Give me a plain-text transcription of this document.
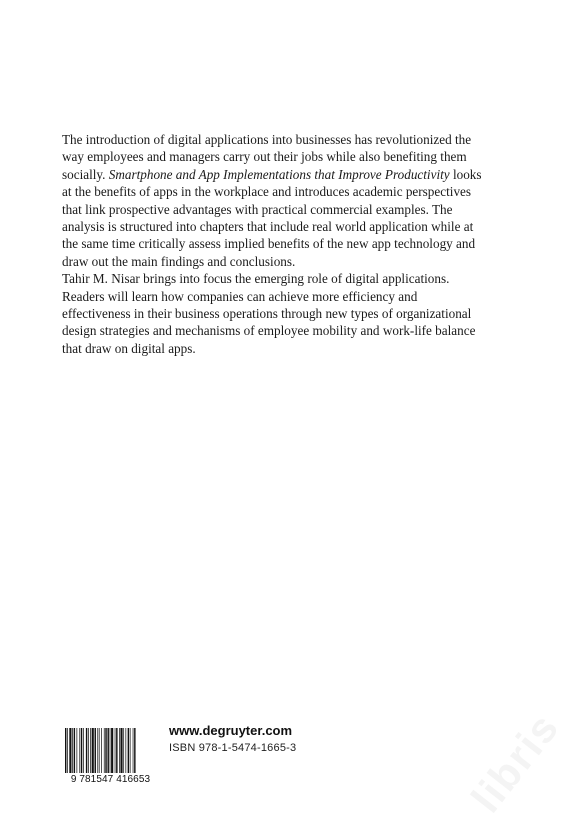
The introduction of digital applications into businesses has revolutionized the way employees and managers carry out their jobs while also benefiting them socially. Smartphone and App Implementations that Improve Productivity looks at the benefits of apps in the workplace and introduces academic perspectives that link prospective advantages with practical commercial examples. The analysis is structured into chapters that include real world application while at the same time critically assess implied benefits of the new app technology and draw out the main findings and conclusions.

Tahir M. Nisar brings into focus the emerging role of digital applications. Readers will learn how companies can achieve more efficiency and effectiveness in their business operations through new types of organizational design strategies and mechanisms of employee mobility and work-life balance that draw on digital apps.

9 781547 416653
www.degruyter.com
ISBN 978-1-5474-1665-3	libris
